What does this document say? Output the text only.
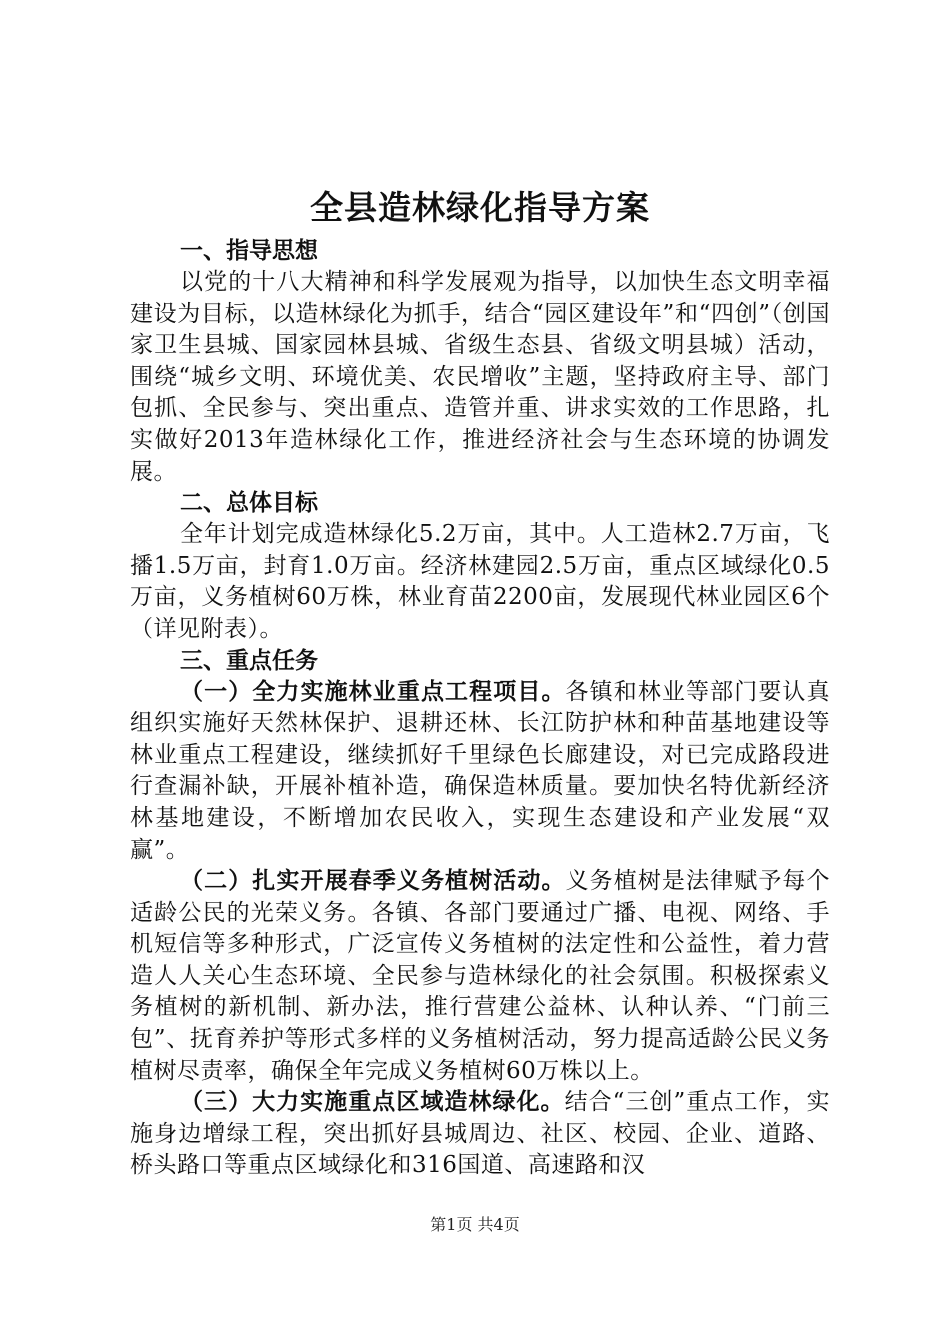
全县造林绿化指导方案

一、指导思想

以党的十八大精神和科学发展观为指导，以加快生态文明幸福建设为目标，以造林绿化为抓手，结合“园区建设年”和“四创”（创国家卫生县城、国家园林县城、省级生态县、省级文明县城）活动，围绕“城乡文明、环境优美、农民增收”主题，坚持政府主导、部门包抓、全民参与、突出重点、造管并重、讲求实效的工作思路，扎实做好2013年造林绿化工作，推进经济社会与生态环境的协调发展。

二、总体目标

全年计划完成造林绿化5.2万亩，其中。人工造林2.7万亩，飞播1.5万亩，封育1.0万亩。经济林建园2.5万亩，重点区域绿化0.5万亩，义务植树60万株，林业育苗2200亩，发展现代林业园区6个（详见附表）。

三、重点任务

（一）全力实施林业重点工程项目。各镇和林业等部门要认真组织实施好天然林保护、退耕还林、长江防护林和种苗基地建设等林业重点工程建设，继续抓好千里绿色长廊建设，对已完成路段进行查漏补缺，开展补植补造，确保造林质量。要加快名特优新经济林基地建设，不断增加农民收入，实现生态建设和产业发展“双赢”。

（二）扎实开展春季义务植树活动。义务植树是法律赋予每个适龄公民的光荣义务。各镇、各部门要通过广播、电视、网络、手机短信等多种形式，广泛宣传义务植树的法定性和公益性，着力营造人人关心生态环境、全民参与造林绿化的社会氛围。积极探索义务植树的新机制、新办法，推行营建公益林、认种认养、“门前三包”、抚育养护等形式多样的义务植树活动，努力提高适龄公民义务植树尽责率，确保全年完成义务植树60万株以上。

（三）大力实施重点区域造林绿化。结合“三创”重点工作，实施身边增绿工程，突出抓好县城周边、社区、校园、企业、道路、桥头路口等重点区域绿化和316国道、高速路和汉

第1页 共4页
